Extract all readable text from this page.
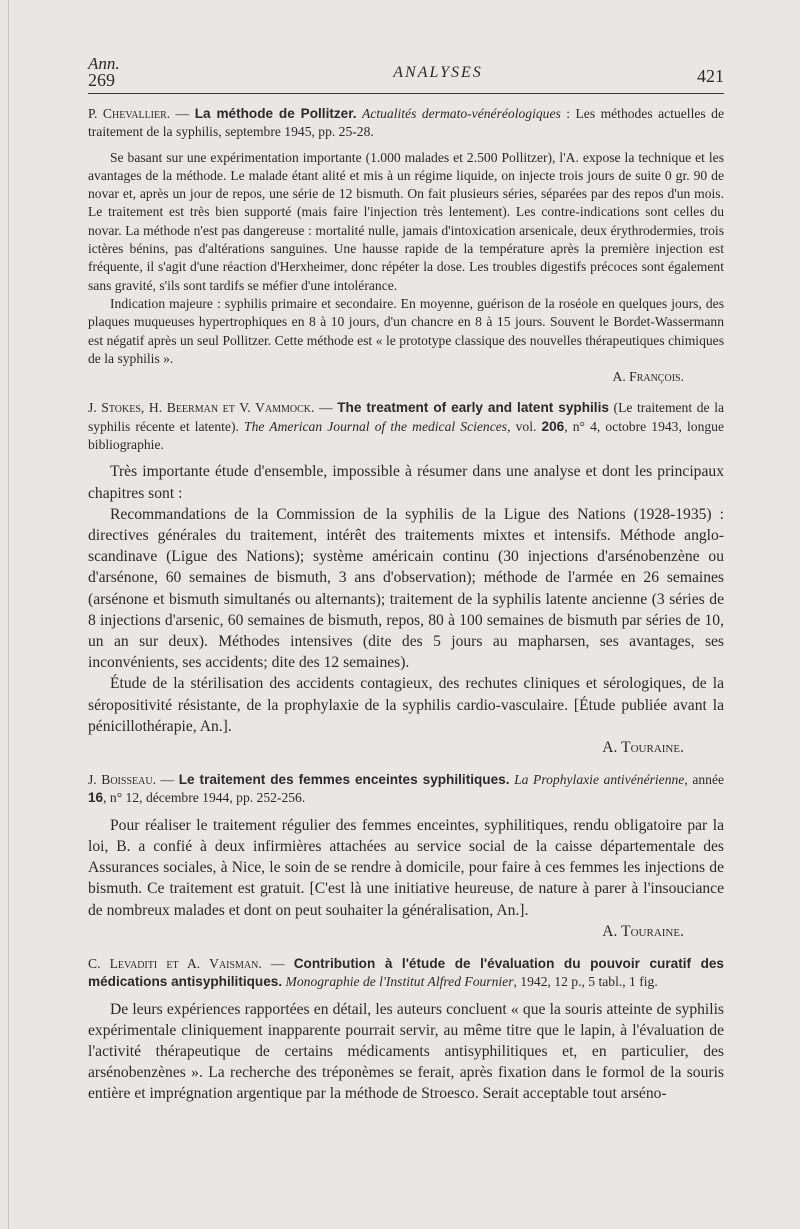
Ann.
269	ANALYSES	421

P. Chevallier. — La méthode de Pollitzer. Actualités dermato-vénéréologiques : Les méthodes actuelles de traitement de la syphilis, septembre 1945, pp. 25-28.

Se basant sur une expérimentation importante (1.000 malades et 2.500 Pollitzer), l'A. expose la technique et les avantages de la méthode. Le malade étant alité et mis à un régime liquide, on injecte trois jours de suite 0 gr. 90 de novar et, après un jour de repos, une série de 12 bismuth. On fait plusieurs séries, séparées par des repos d'un mois. Le traitement est très bien supporté (mais faire l'injection très lentement). Les contre-indications sont celles du novar. La méthode n'est pas dangereuse : mortalité nulle, jamais d'intoxication arsenicale, deux érythrodermies, trois ictères bénins, pas d'altérations sanguines. Une hausse rapide de la température après la première injection est fréquente, il s'agit d'une réaction d'Herxheimer, donc répéter la dose. Les troubles digestifs précoces sont également sans gravité, s'ils sont tardifs se méfier d'une intolérance.

Indication majeure : syphilis primaire et secondaire. En moyenne, guérison de la roséole en quelques jours, des plaques muqueuses hypertrophiques en 8 à 10 jours, d'un chancre en 8 à 15 jours. Souvent le Bordet-Wassermann est négatif après un seul Pollitzer. Cette méthode est « le prototype classique des nouvelles thérapeutiques chimiques de la syphilis ».

A. François.

J. Stokes, H. Beerman et V. Vammock. — The treatment of early and latent syphilis (Le traitement de la syphilis récente et latente). The American Journal of the medical Sciences, vol. 206, n° 4, octobre 1943, longue bibliographie.

Très importante étude d'ensemble, impossible à résumer dans une analyse et dont les principaux chapitres sont :

Recommandations de la Commission de la syphilis de la Ligue des Nations (1928-1935) : directives générales du traitement, intérêt des traitements mixtes et intensifs. Méthode anglo-scandinave (Ligue des Nations); système américain continu (30 injections d'arsénobenzène ou d'arsénone, 60 semaines de bismuth, 3 ans d'observation); méthode de l'armée en 26 semaines (arsénone et bismuth simultanés ou alternants); traitement de la syphilis latente ancienne (3 séries de 8 injections d'arsenic, 60 semaines de bismuth, repos, 80 à 100 semaines de bismuth par séries de 10, un an sur deux). Méthodes intensives (dite des 5 jours au mapharsen, ses avantages, ses inconvénients, ses accidents; dite des 12 semaines).

Étude de la stérilisation des accidents contagieux, des rechutes cliniques et sérologiques, de la séropositivité résistante, de la prophylaxie de la syphilis cardio-vasculaire. [Étude publiée avant la pénicillothérapie, An.].

A. Touraine.

J. Boisseau. — Le traitement des femmes enceintes syphilitiques. La Prophylaxie antivénérienne, année 16, n° 12, décembre 1944, pp. 252-256.

Pour réaliser le traitement régulier des femmes enceintes, syphilitiques, rendu obligatoire par la loi, B. a confié à deux infirmières attachées au service social de la caisse départementale des Assurances sociales, à Nice, le soin de se rendre à domicile, pour faire à ces femmes les injections de bismuth. Ce traitement est gratuit. [C'est là une initiative heureuse, de nature à parer à l'insouciance de nombreux malades et dont on peut souhaiter la généralisation, An.].

A. Touraine.

C. Levaditi et A. Vaisman. — Contribution à l'étude de l'évaluation du pouvoir curatif des médications antisyphilitiques. Monographie de l'Institut Alfred Fournier, 1942, 12 p., 5 tabl., 1 fig.

De leurs expériences rapportées en détail, les auteurs concluent « que la souris atteinte de syphilis expérimentale cliniquement inapparente pourrait servir, au même titre que le lapin, à l'évaluation de l'activité thérapeutique de certains médicaments antisyphilitiques et, en particulier, des arsénobenzènes ». La recherche des tréponèmes se ferait, après fixation dans le formol de la souris entière et imprégnation argentique par la méthode de Stroesco. Serait acceptable tout arséno-
